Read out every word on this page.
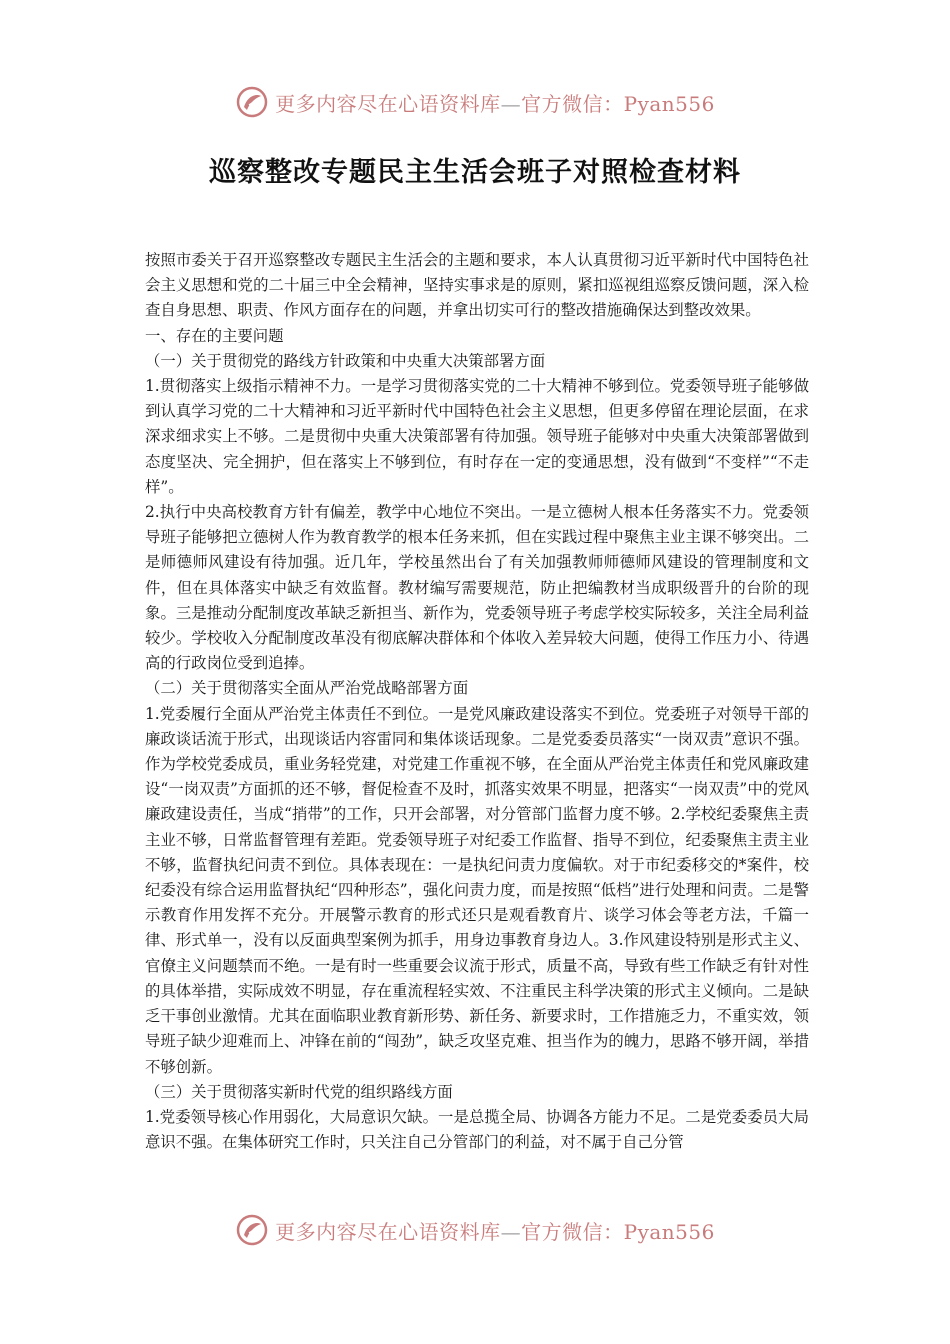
更多内容尽在心语资料库—官方微信：Pyan556
巡察整改专题民主生活会班子对照检查材料

按照市委关于召开巡察整改专题民主生活会的主题和要求，本人认真贯彻习近平新时代中国特色社会主义思想和党的二十届三中全会精神，坚持实事求是的原则，紧扣巡视组巡察反馈问题，深入检查自身思想、职责、作风方面存在的问题，并拿出切实可行的整改措施确保达到整改效果。

一、存在的主要问题

（一）关于贯彻党的路线方针政策和中央重大决策部署方面

1.贯彻落实上级指示精神不力。一是学习贯彻落实党的二十大精神不够到位。党委领导班子能够做到认真学习党的二十大精神和习近平新时代中国特色社会主义思想，但更多停留在理论层面，在求深求细求实上不够。二是贯彻中央重大决策部署有待加强。领导班子能够对中央重大决策部署做到态度坚决、完全拥护，但在落实上不够到位，有时存在一定的变通思想，没有做到“不变样”“不走样”。

2.执行中央高校教育方针有偏差，教学中心地位不突出。一是立德树人根本任务落实不力。党委领导班子能够把立德树人作为教育教学的根本任务来抓，但在实践过程中聚焦主业主课不够突出。二是师德师风建设有待加强。近几年，学校虽然出台了有关加强教师师德师风建设的管理制度和文件，但在具体落实中缺乏有效监督。教材编写需要规范，防止把编教材当成职级晋升的台阶的现象。三是推动分配制度改革缺乏新担当、新作为，党委领导班子考虑学校实际较多，关注全局利益较少。学校收入分配制度改革没有彻底解决群体和个体收入差异较大问题，使得工作压力小、待遇高的行政岗位受到追捧。

（二）关于贯彻落实全面从严治党战略部署方面

1.党委履行全面从严治党主体责任不到位。一是党风廉政建设落实不到位。党委班子对领导干部的廉政谈话流于形式，出现谈话内容雷同和集体谈话现象。二是党委委员落实“一岗双责”意识不强。作为学校党委成员，重业务轻党建，对党建工作重视不够，在全面从严治党主体责任和党风廉政建设“一岗双责”方面抓的还不够，督促检查不及时，抓落实效果不明显，把落实“一岗双责”中的党风廉政建设责任，当成“捎带”的工作，只开会部署，对分管部门监督力度不够。2.学校纪委聚焦主责主业不够，日常监督管理有差距。党委领导班子对纪委工作监督、指导不到位，纪委聚焦主责主业不够，监督执纪问责不到位。具体表现在：一是执纪问责力度偏软。对于市纪委移交的*案件，校纪委没有综合运用监督执纪“四种形态”，强化问责力度，而是按照“低档”进行处理和问责。二是警示教育作用发挥不充分。开展警示教育的形式还只是观看教育片、谈学习体会等老方法，千篇一律、形式单一，没有以反面典型案例为抓手，用身边事教育身边人。3.作风建设特别是形式主义、官僚主义问题禁而不绝。一是有时一些重要会议流于形式，质量不高，导致有些工作缺乏有针对性的具体举措，实际成效不明显，存在重流程轻实效、不注重民主科学决策的形式主义倾向。二是缺乏干事创业激情。尤其在面临职业教育新形势、新任务、新要求时，工作措施乏力，不重实效，领导班子缺少迎难而上、冲锋在前的“闯劲”，缺乏攻坚克难、担当作为的魄力，思路不够开阔，举措不够创新。

（三）关于贯彻落实新时代党的组织路线方面

1.党委领导核心作用弱化，大局意识欠缺。一是总揽全局、协调各方能力不足。二是党委委员大局意识不强。在集体研究工作时，只关注自己分管部门的利益，对不属于自己分管

更多内容尽在心语资料库—官方微信：Pyan556
